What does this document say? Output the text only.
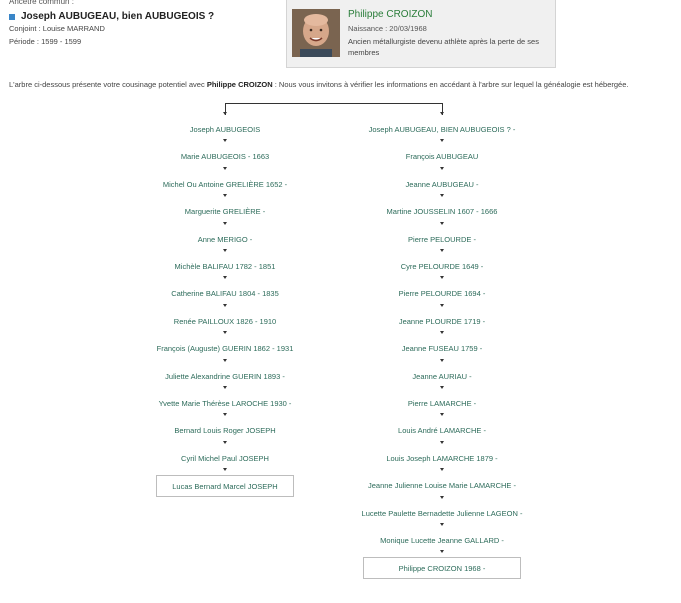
Ancêtre commun :
Joseph AUBUGEAU, bien AUBUGEOIS ?
Conjoint : Louise MARRAND
Période : 1599 - 1599
Philippe CROIZON
Naissance : 20/03/1968
Ancien métallurgiste devenu athlète après la perte de ses membres
L'arbre ci-dessous présente votre cousinage potentiel avec Philippe CROIZON : Nous vous invitons à vérifier les informations en accédant à l'arbre sur lequel la généalogie est hébergée.
Joseph AUBUGEOIS
Marie AUBUGEOIS - 1663
Michel Ou Antoine GRELIÈRE 1652 -
Marguerite GRELIÈRE -
Anne MERIGO -
Michèle BALIFAU 1782 - 1851
Catherine BALIFAU 1804 - 1835
Renée PAILLOUX 1826 - 1910
François (Auguste) GUERIN 1862 - 1931
Juliette Alexandrine GUERIN 1893 -
Yvette Marie Thérèse LAROCHE 1930 -
Bernard Louis Roger JOSEPH
Cyril Michel Paul JOSEPH
Lucas Bernard Marcel JOSEPH
Joseph AUBUGEAU, BIEN AUBUGEOIS ? -
François AUBUGEAU
Jeanne AUBUGEAU -
Martine JOUSSELIN 1607 - 1666
Pierre PELOURDE -
Cyre PELOURDE 1649 -
Pierre PELOURDE 1694 -
Jeanne PLOURDE 1719 -
Jeanne FUSEAU 1759 -
Jeanne AURIAU -
Pierre LAMARCHE -
Louis André LAMARCHE -
Louis Joseph LAMARCHE 1879 -
Jeanne Julienne Louise Marie LAMARCHE -
Lucette Paulette Bernadette Julienne LAGEON -
Monique Lucette Jeanne GALLARD -
Philippe CROIZON 1968 -
